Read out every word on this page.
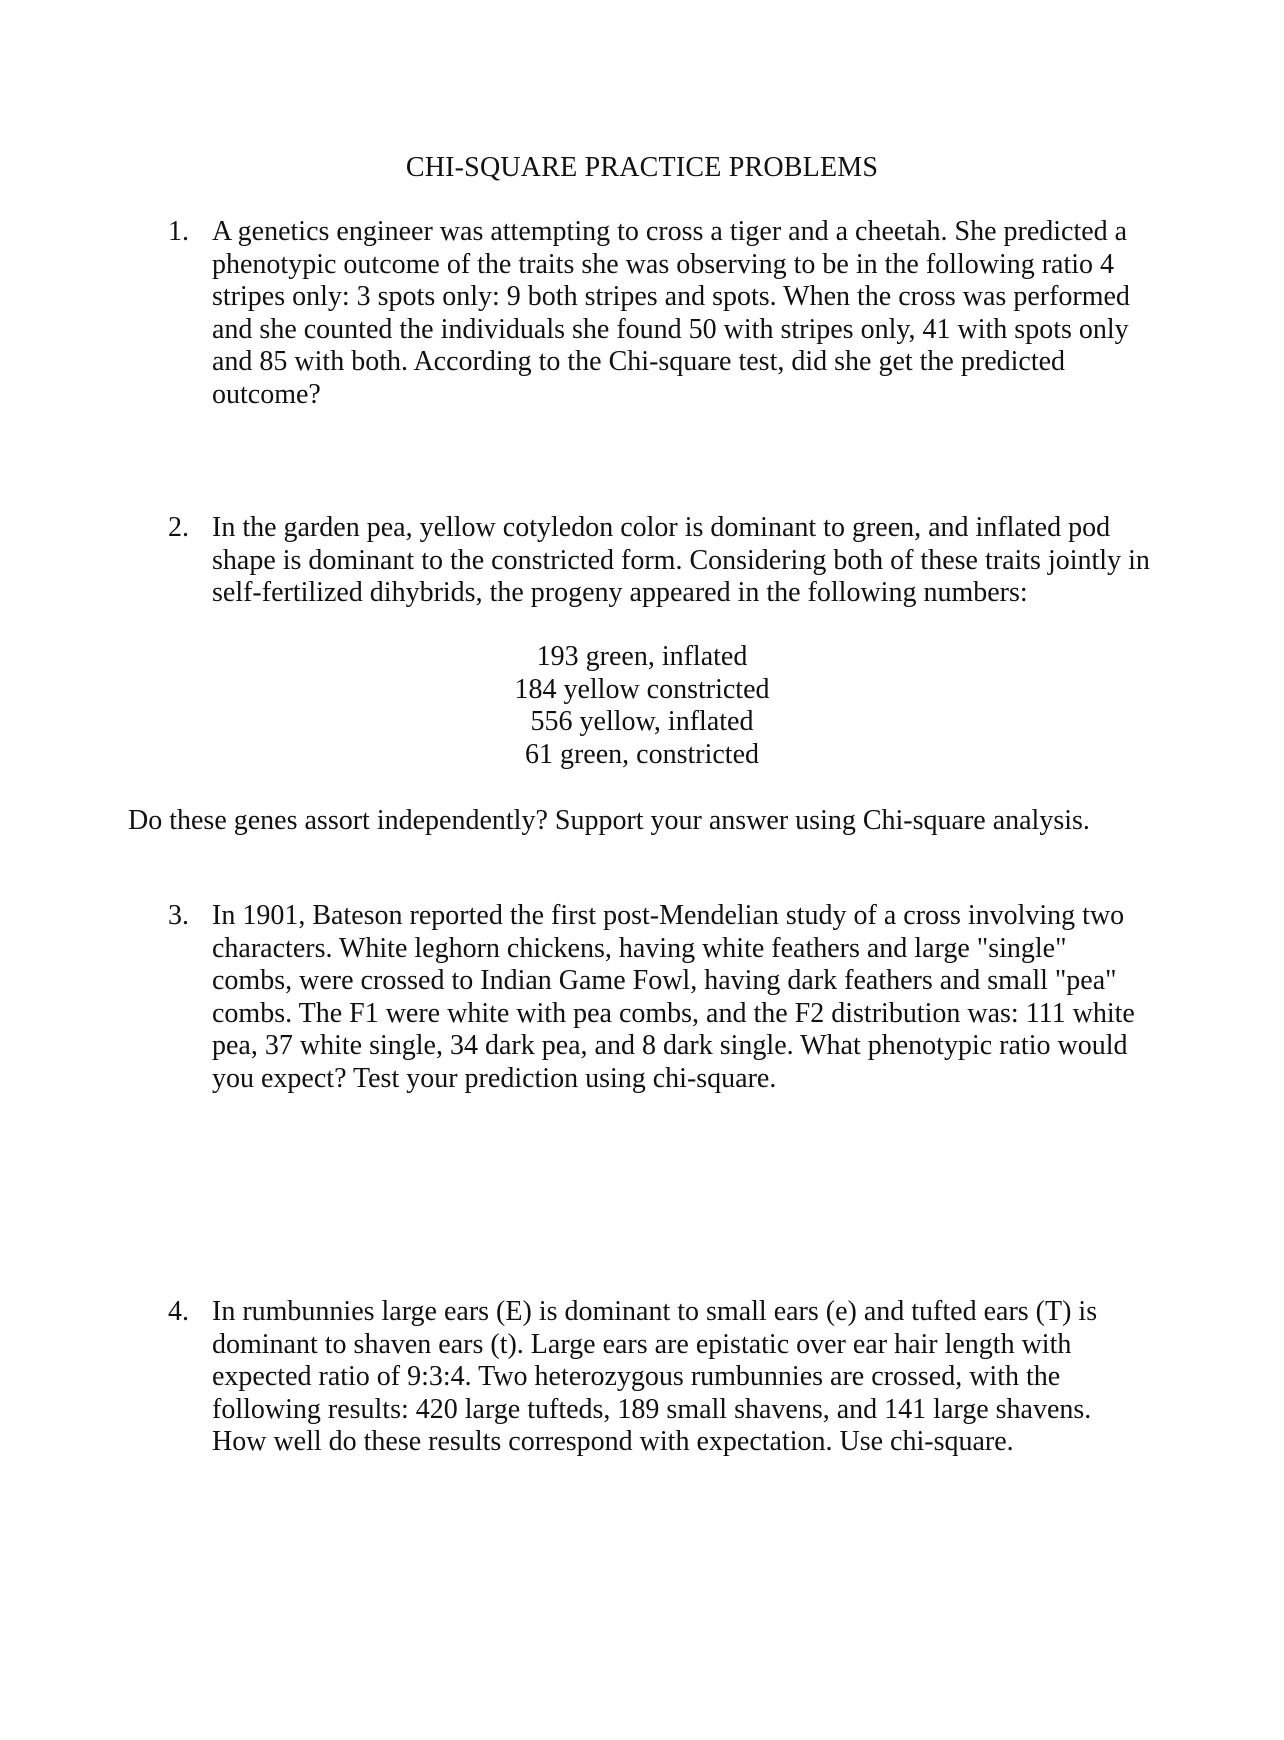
CHI-SQUARE PRACTICE PROBLEMS
1. A genetics engineer was attempting to cross a tiger and a cheetah. She predicted a phenotypic outcome of the traits she was observing to be in the following ratio 4 stripes only: 3 spots only: 9 both stripes and spots. When the cross was performed and she counted the individuals she found 50 with stripes only, 41 with spots only and 85 with both. According to the Chi-square test, did she get the predicted outcome?
2. In the garden pea, yellow cotyledon color is dominant to green, and inflated pod shape is dominant to the constricted form. Considering both of these traits jointly in self-fertilized dihybrids, the progeny appeared in the following numbers:
193 green, inflated
184 yellow constricted
556 yellow, inflated
61 green, constricted
Do these genes assort independently? Support your answer using Chi-square analysis.
3. In 1901, Bateson reported the first post-Mendelian study of a cross involving two characters. White leghorn chickens, having white feathers and large "single" combs, were crossed to Indian Game Fowl, having dark feathers and small "pea" combs. The F1 were white with pea combs, and the F2 distribution was: 111 white pea, 37 white single, 34 dark pea, and 8 dark single. What phenotypic ratio would you expect? Test your prediction using chi-square.
4. In rumbunnies large ears (E) is dominant to small ears (e) and tufted ears (T) is dominant to shaven ears (t). Large ears are epistatic over ear hair length with expected ratio of 9:3:4. Two heterozygous rumbunnies are crossed, with the following results: 420 large tufteds, 189 small shavens, and 141 large shavens. How well do these results correspond with expectation. Use chi-square.
